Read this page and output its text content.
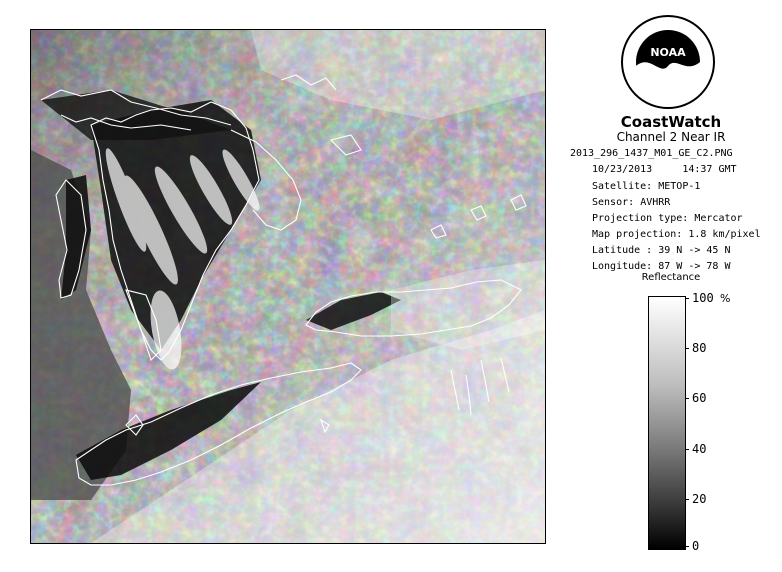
NOAA
CoastWatch
Channel 2 Near IR
2013_296_1437_M01_GE_C2.PNG
10/23/2013	14:37 GMT
Satellite: METOP-1
Sensor: AVHRR
Projection type: Mercator
Map projection: 1.8 km/pixel
Latitude : 39 N -> 45 N
Longitude: 87 W -> 78 W
Reflectance
%
100
80
60
40
20
0
